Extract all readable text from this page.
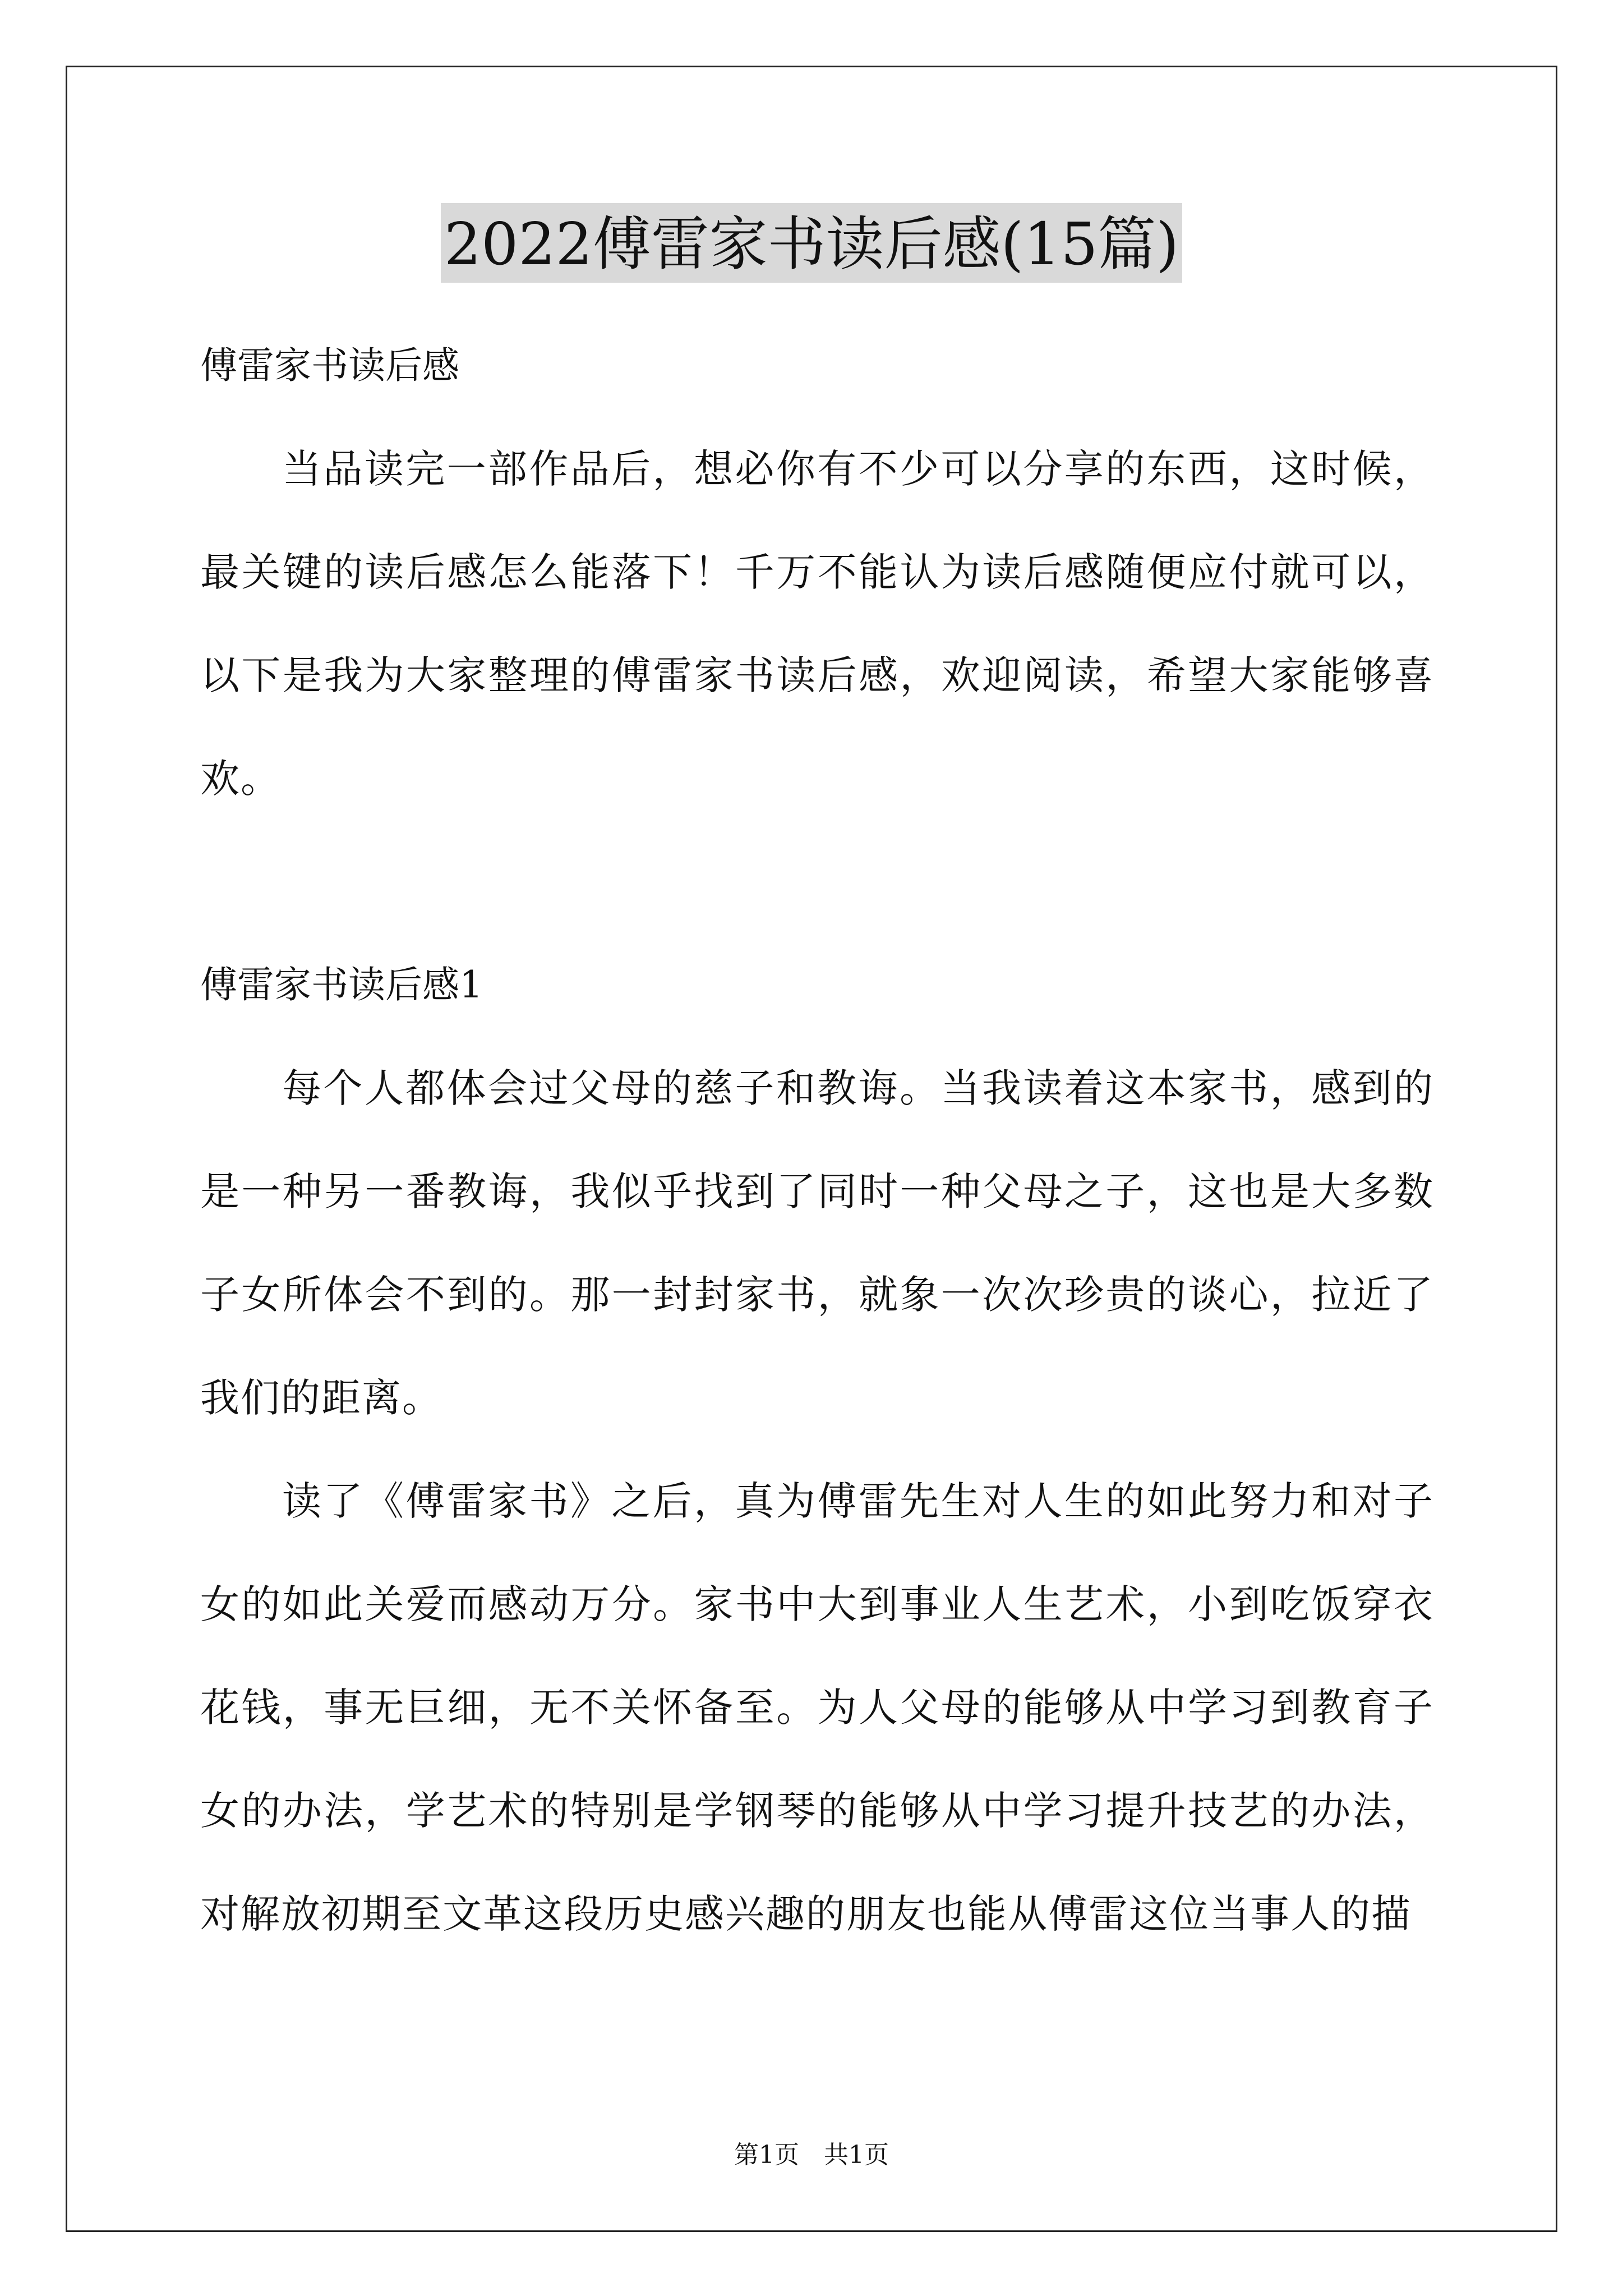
2022傅雷家书读后感(15篇)

傅雷家书读后感

当品读完一部作品后，想必你有不少可以分享的东西，这时候，最关键的读后感怎么能落下！千万不能认为读后感随便应付就可以，以下是我为大家整理的傅雷家书读后感，欢迎阅读，希望大家能够喜欢。

傅雷家书读后感1

每个人都体会过父母的慈子和教诲。当我读着这本家书，感到的是一种另一番教诲，我似乎找到了同时一种父母之子，这也是大多数子女所体会不到的。那一封封家书，就象一次次珍贵的谈心，拉近了我们的距离。

读了《傅雷家书》之后，真为傅雷先生对人生的如此努力和对子女的如此关爱而感动万分。家书中大到事业人生艺术，小到吃饭穿衣花钱，事无巨细，无不关怀备至。为人父母的能够从中学习到教育子女的办法，学艺术的特别是学钢琴的能够从中学习提升技艺的办法，对解放初期至文革这段历史感兴趣的朋友也能从傅雷这位当事人的描

第1页　共1页
